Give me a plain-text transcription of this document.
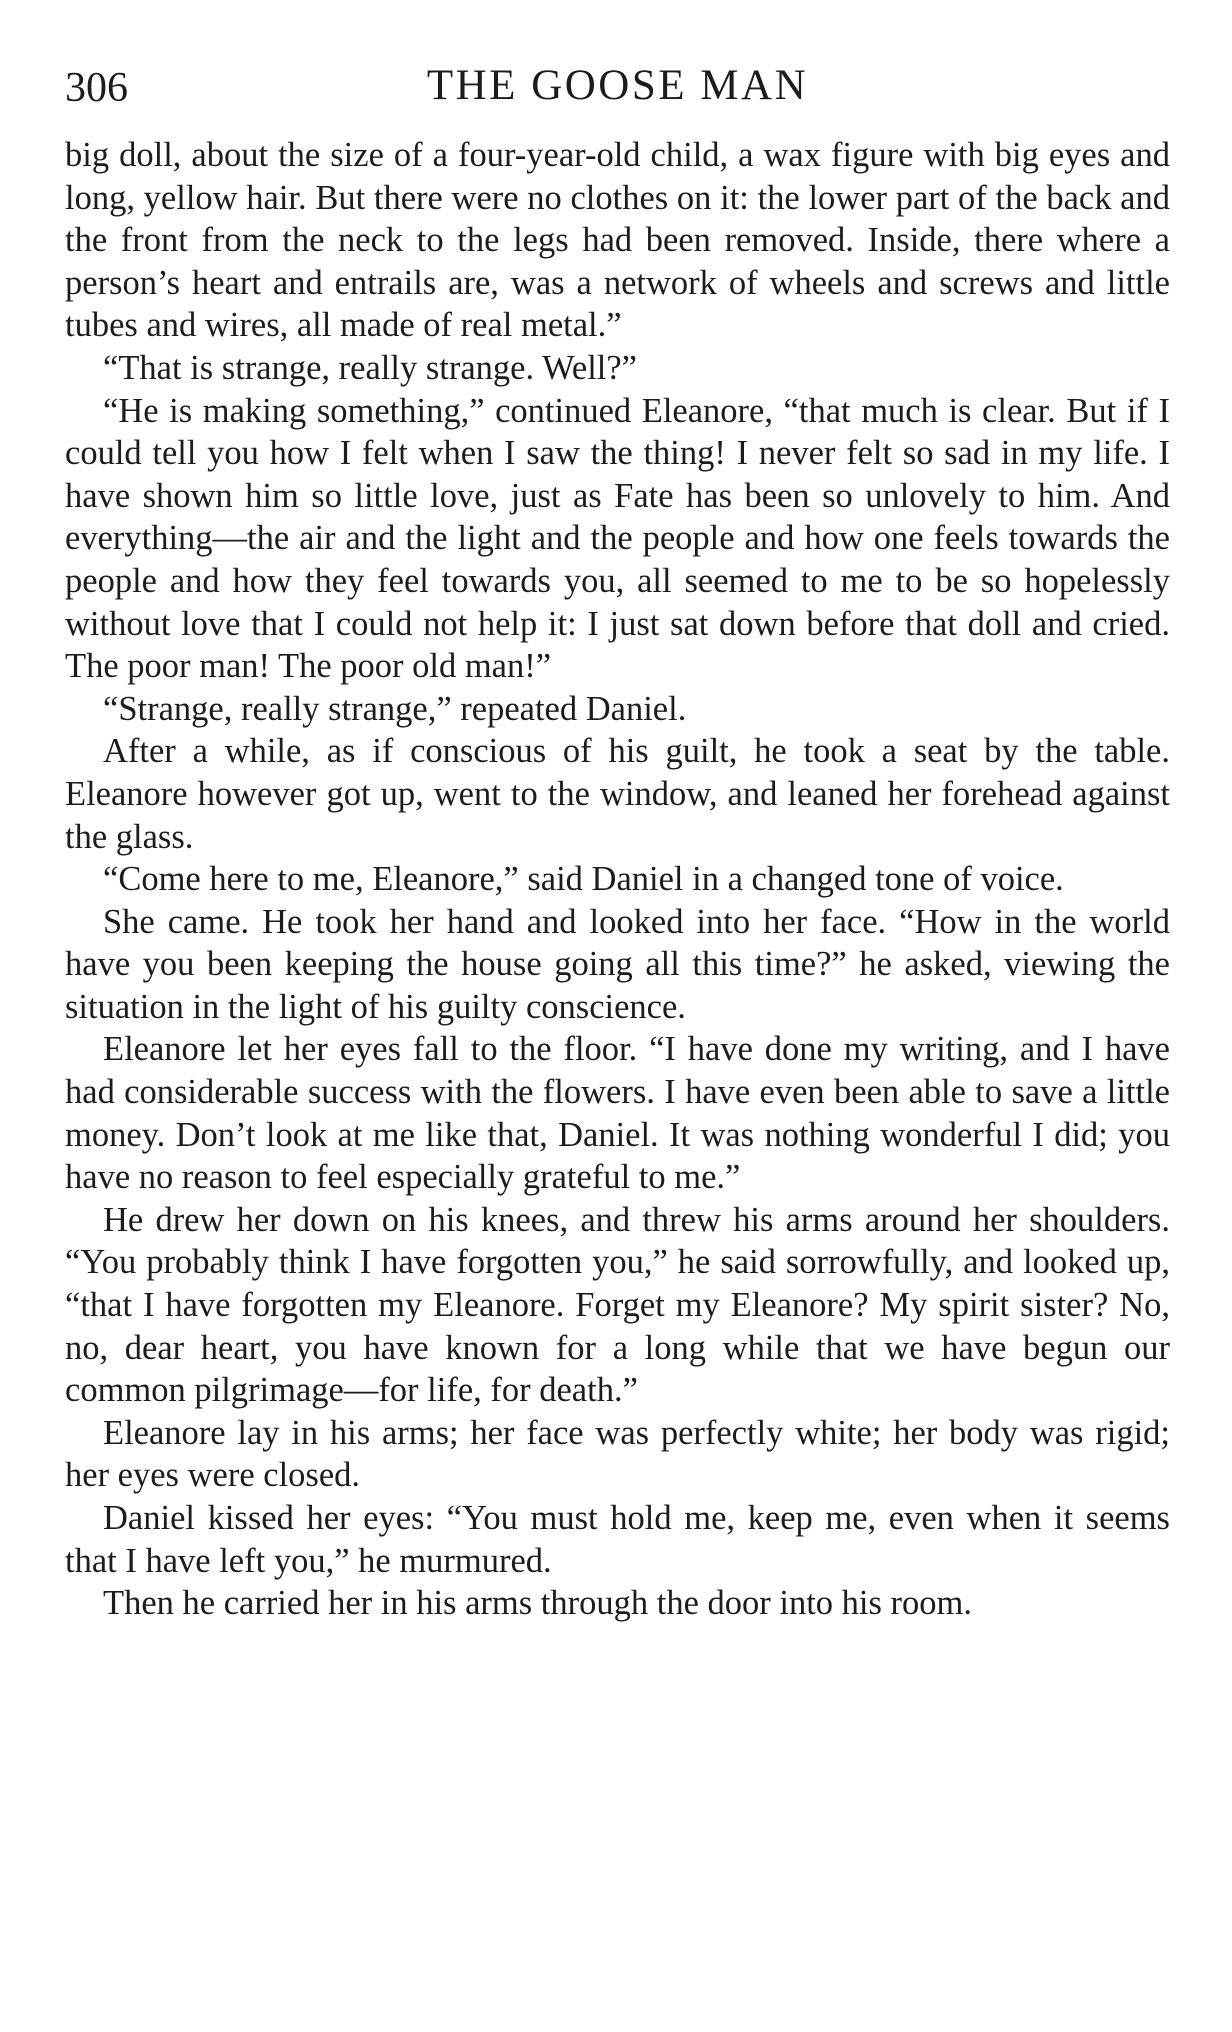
306	THE GOOSE MAN

big doll, about the size of a four-year-old child, a wax figure with big eyes and long, yellow hair. But there were no clothes on it: the lower part of the back and the front from the neck to the legs had been removed. Inside, there where a person’s heart and entrails are, was a network of wheels and screws and little tubes and wires, all made of real metal.”

“That is strange, really strange. Well?”

“He is making something,” continued Eleanore, “that much is clear. But if I could tell you how I felt when I saw the thing! I never felt so sad in my life. I have shown him so little love, just as Fate has been so unlovely to him. And everything—the air and the light and the people and how one feels towards the people and how they feel towards you, all seemed to me to be so hopelessly without love that I could not help it: I just sat down before that doll and cried. The poor man! The poor old man!”

“Strange, really strange,” repeated Daniel.

After a while, as if conscious of his guilt, he took a seat by the table. Eleanore however got up, went to the window, and leaned her forehead against the glass.

“Come here to me, Eleanore,” said Daniel in a changed tone of voice.

She came. He took her hand and looked into her face. “How in the world have you been keeping the house going all this time?” he asked, viewing the situation in the light of his guilty conscience.

Eleanore let her eyes fall to the floor. “I have done my writing, and I have had considerable success with the flowers. I have even been able to save a little money. Don’t look at me like that, Daniel. It was nothing wonderful I did; you have no reason to feel especially grateful to me.”

He drew her down on his knees, and threw his arms around her shoulders. “You probably think I have forgotten you,” he said sorrowfully, and looked up, “that I have forgotten my Eleanore. Forget my Eleanore? My spirit sister? No, no, dear heart, you have known for a long while that we have begun our common pilgrimage—for life, for death.”

Eleanore lay in his arms; her face was perfectly white; her body was rigid; her eyes were closed.

Daniel kissed her eyes: “You must hold me, keep me, even when it seems that I have left you,” he murmured.

Then he carried her in his arms through the door into his room.
